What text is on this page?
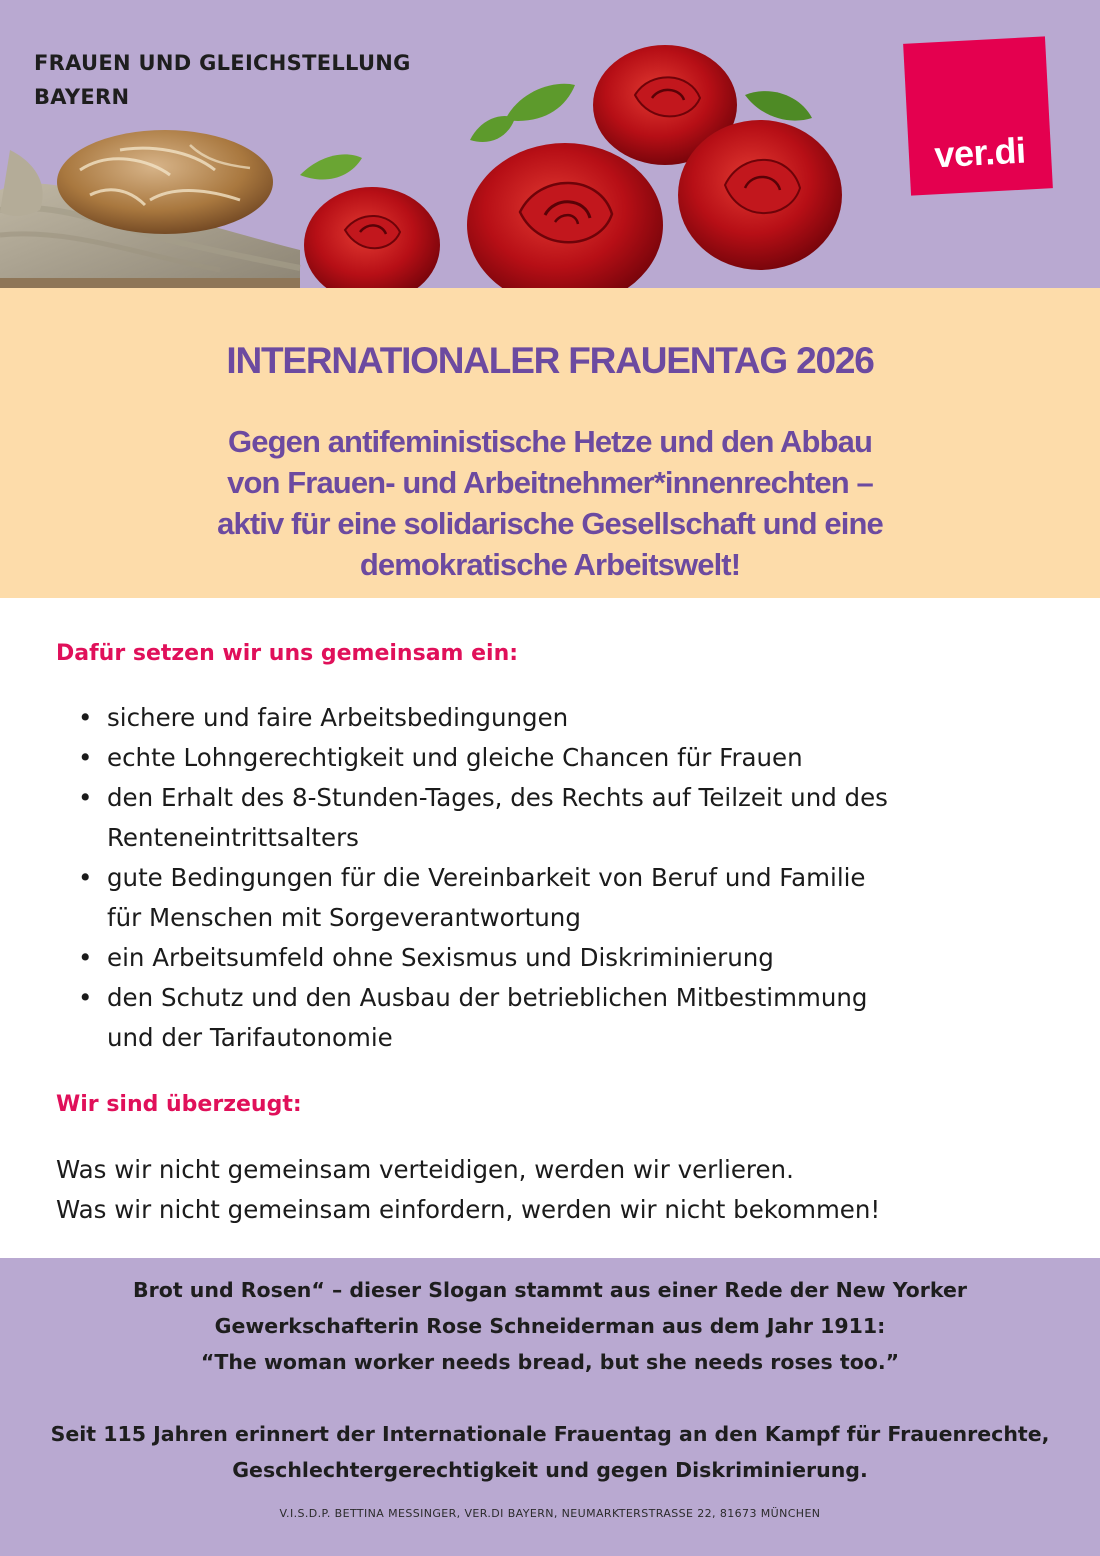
FRAUEN UND GLEICHSTELLUNG
BAYERN
ver.di
INTERNATIONALER FRAUENTAG 2026
Gegen antifeministische Hetze und den Abbau
von Frauen- und Arbeitnehmer*innenrechten –
aktiv für eine solidarische Gesellschaft und eine
demokratische Arbeitswelt!
Dafür setzen wir uns gemeinsam ein:
• sichere und faire Arbeitsbedingungen
• echte Lohngerechtigkeit und gleiche Chancen für Frauen
• den Erhalt des 8-Stunden-Tages, des Rechts auf Teilzeit und des
Renteneintrittsalters
• gute Bedingungen für die Vereinbarkeit von Beruf und Familie
für Menschen mit Sorgeverantwortung
• ein Arbeitsumfeld ohne Sexismus und Diskriminierung
• den Schutz und den Ausbau der betrieblichen Mitbestimmung
und der Tarifautonomie
Wir sind überzeugt:
Was wir nicht gemeinsam verteidigen, werden wir verlieren.
Was wir nicht gemeinsam einfordern, werden wir nicht bekommen!
Brot und Rosen“ – dieser Slogan stammt aus einer Rede der New Yorker
Gewerkschafterin Rose Schneiderman aus dem Jahr 1911:
“The woman worker needs bread, but she needs roses too.”
Seit 115 Jahren erinnert der Internationale Frauentag an den Kampf für Frauenrechte,
Geschlechtergerechtigkeit und gegen Diskriminierung.
V.I.S.D.P. BETTINA MESSINGER, VER.DI BAYERN, NEUMARKTERSTRASSE 22, 81673 MÜNCHEN
